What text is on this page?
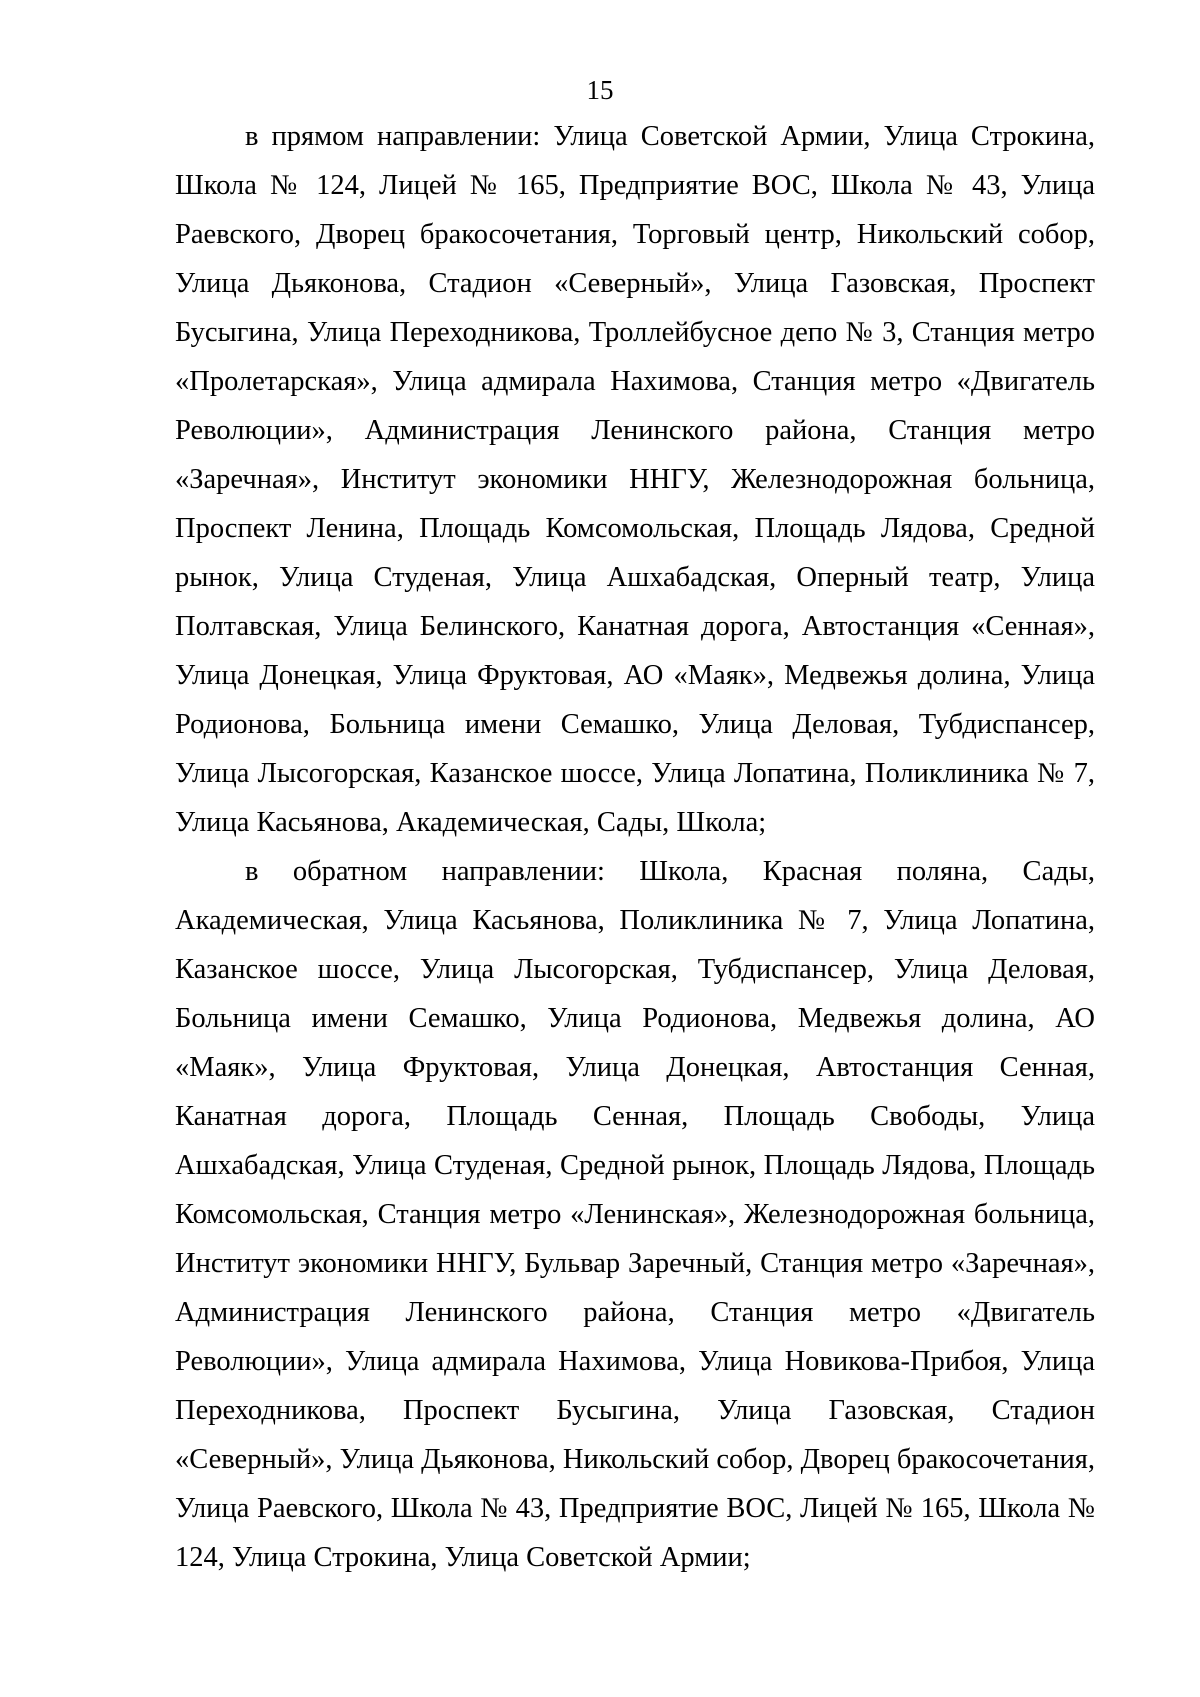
15

в прямом направлении: Улица Советской Армии, Улица Строкина, Школа № 124, Лицей № 165, Предприятие ВОС, Школа № 43, Улица Раевского, Дворец бракосочетания, Торговый центр, Никольский собор, Улица Дьяконова, Стадион «Северный», Улица Газовская, Проспект Бусыгина, Улица Переходникова, Троллейбусное депо № 3, Станция метро «Пролетарская», Улица адмирала Нахимова, Станция метро «Двигатель Революции», Администрация Ленинского района, Станция метро «Заречная», Институт экономики ННГУ, Железнодорожная больница, Проспект Ленина, Площадь Комсомольская, Площадь Лядова, Средной рынок, Улица Студеная, Улица Ашхабадская, Оперный театр, Улица Полтавская, Улица Белинского, Канатная дорога, Автостанция «Сенная», Улица Донецкая, Улица Фруктовая, АО «Маяк», Медвежья долина, Улица Родионова, Больница имени Семашко, Улица Деловая, Тубдиспансер, Улица Лысогорская, Казанское шоссе, Улица Лопатина, Поликлиника № 7, Улица Касьянова, Академическая, Сады, Школа;

в обратном направлении: Школа, Красная поляна, Сады, Академическая, Улица Касьянова, Поликлиника № 7, Улица Лопатина, Казанское шоссе, Улица Лысогорская, Тубдиспансер, Улица Деловая, Больница имени Семашко, Улица Родионова, Медвежья долина, АО «Маяк», Улица Фруктовая, Улица Донецкая, Автостанция Сенная, Канатная дорога, Площадь Сенная, Площадь Свободы, Улица Ашхабадская, Улица Студеная, Средной рынок, Площадь Лядова, Площадь Комсомольская, Станция метро «Ленинская», Железнодорожная больница, Институт экономики ННГУ, Бульвар Заречный, Станция метро «Заречная», Администрация Ленинского района, Станция метро «Двигатель Революции», Улица адмирала Нахимова, Улица Новикова-Прибоя, Улица Переходникова, Проспект Бусыгина, Улица Газовская, Стадион «Северный», Улица Дьяконова, Никольский собор, Дворец бракосочетания, Улица Раевского, Школа № 43, Предприятие ВОС, Лицей № 165, Школа № 124, Улица Строкина, Улица Советской Армии;
